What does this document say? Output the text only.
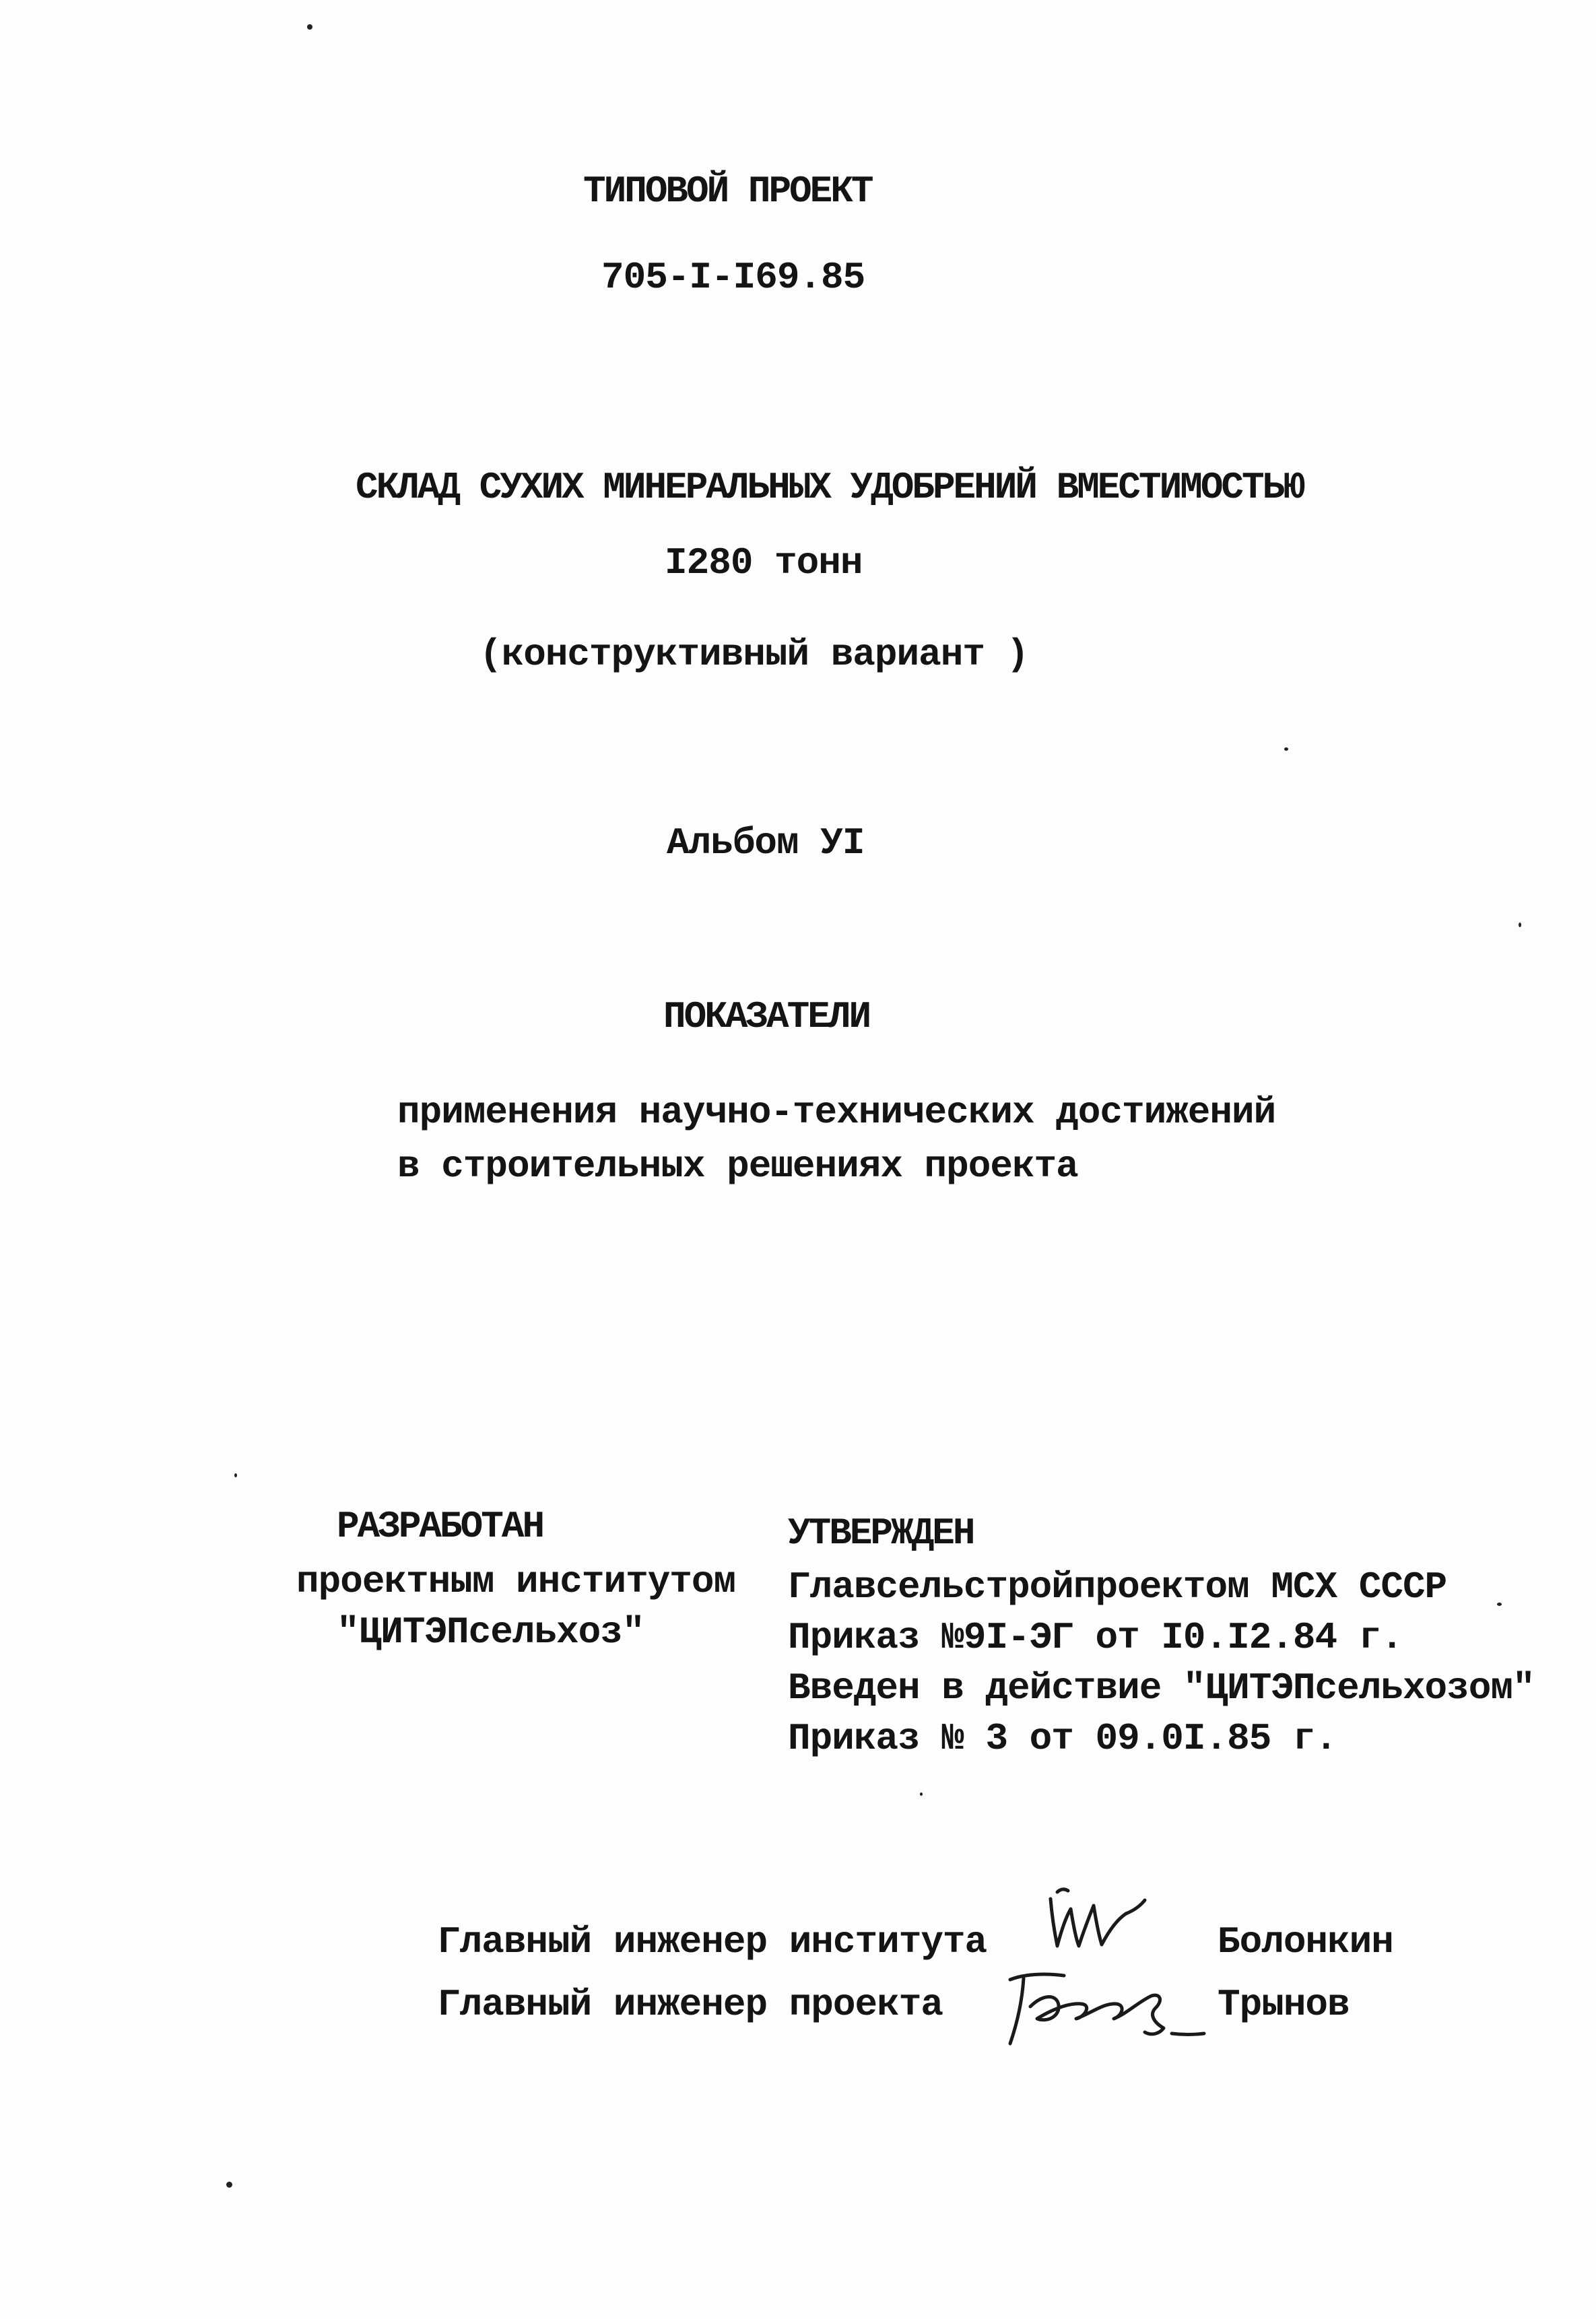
ТИПОВОЙ ПРОЕКТ
705-I-I69.85
СКЛАД СУХИХ МИНЕРАЛЬНЫХ УДОБРЕНИЙ ВМЕСТИМОСТЬЮ
I280 тонн
(конструктивный вариант )
Альбом УI
ПОКАЗАТЕЛИ
применения научно-технических достижений
в строительных решениях проекта
РАЗРАБОТАН
проектным институтом
"ЦИТЭПсельхоз"
УТВЕРЖДЕН
Главсельстройпроектом МСХ СССР
Приказ №9I-ЭГ от I0.I2.84 г.
Введен в действие "ЦИТЭПсельхозом"
Приказ № 3 от 09.0I.85 г.
Главный инженер института	Болонкин
Главный инженер проекта	Трынов
